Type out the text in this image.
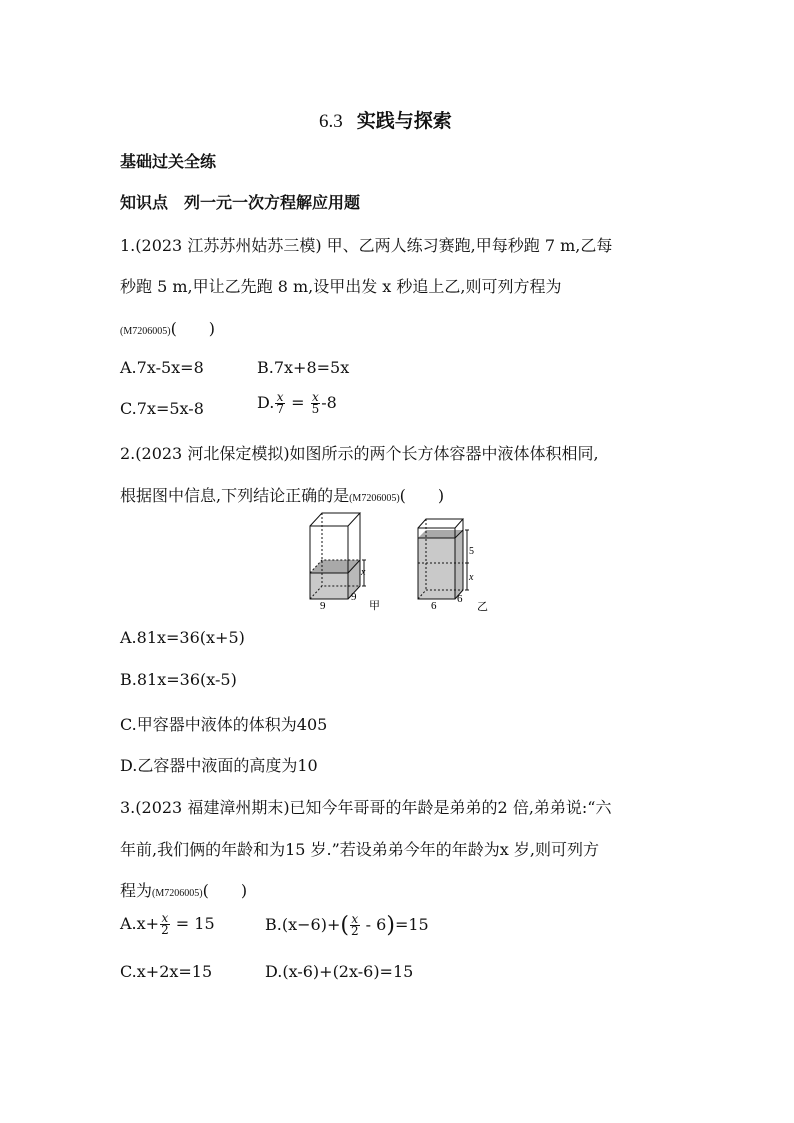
6.3 实践与探索
基础过关全练
知识点　列一元一次方程解应用题
1.(2023 江苏苏州姑苏三模) 甲、乙两人练习赛跑,甲每秒跑 7 m,乙每
秒跑 5 m,甲让乙先跑 8 m,设甲出发 x 秒追上乙,则可列方程为
(M7206005)(　　)
A.7x-5x=8	B.7x+8=5x
C.7x=5x-8	D. $\frac{x}{7} = \frac{x}{5} -8$
2.(2023 河北保定模拟)如图所示的两个长方体容器中液体体积相同,
根据图中信息,下列结论正确的是(M7206005)(　　)
x
9
9
甲
5
x
6
6
乙
A.81x=36(x+5)
B.81x=36(x-5)
C.甲容器中液体的体积为405
D.乙容器中液面的高度为10
3.(2023 福建漳州期末)已知今年哥哥的年龄是弟弟的2 倍,弟弟说:“六
年前,我们俩的年龄和为15 岁.”若设弟弟今年的年龄为x 岁,则可列方
程为(M7206005)(　　)
$A.x+ \frac{x}{2} = 15$	$B.(x-6)+( \frac{x}{2} - 6)=15$
C.x+2x=15	D.(x-6)+(2x-6)=15
